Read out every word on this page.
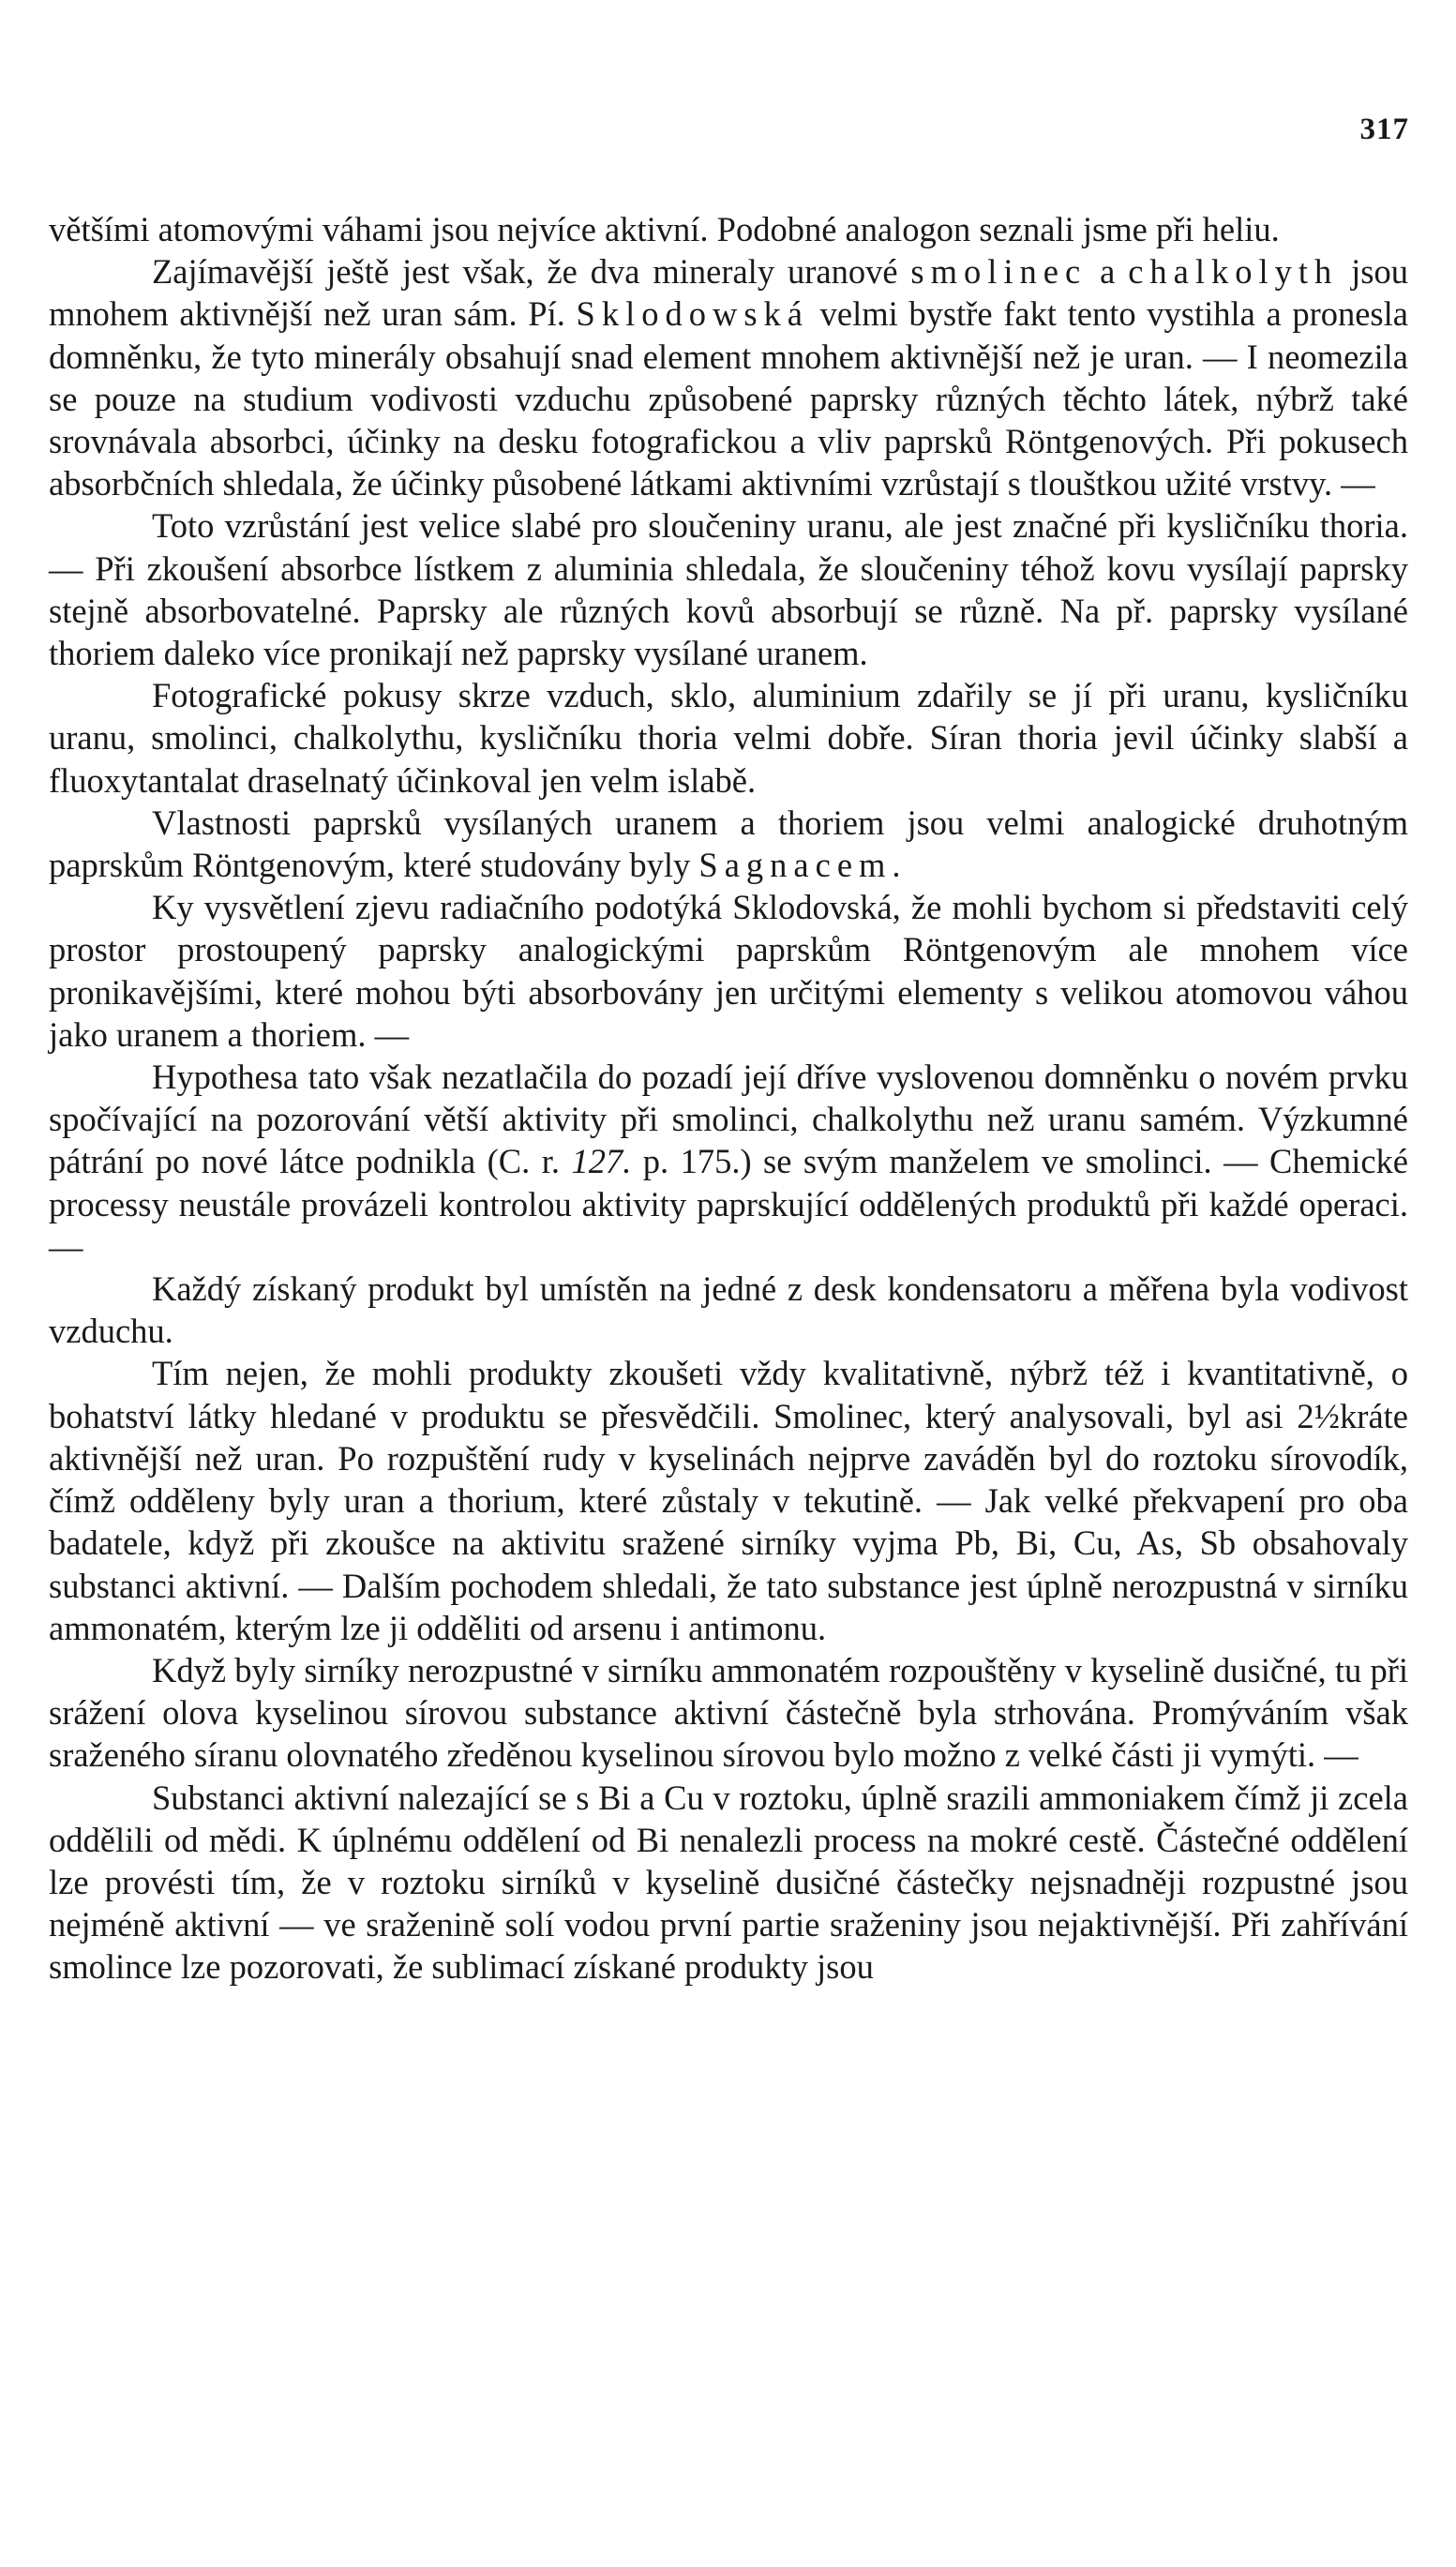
317

většími atomovými váhami jsou nejvíce aktivní. Podobné analogon seznali jsme při heliu.

Zajímavější ještě jest však, že dva mineraly uranové smolinec a chalkolyth jsou mnohem aktivnější než uran sám. Pí. Sklodowská velmi bystře fakt tento vystihla a pronesla domněnku, že tyto minerály obsahují snad element mnohem aktivnější než je uran. — I neomezila se pouze na studium vodivosti vzduchu způsobené paprsky různých těchto látek, nýbrž také srovnávala absorbci, účinky na desku fotografickou a vliv paprsků Röntgenových. Při pokusech absorbčních shledala, že účinky působené látkami aktivními vzrůstají s tlouštkou užité vrstvy. —

Toto vzrůstání jest velice slabé pro sloučeniny uranu, ale jest značné při kysličníku thoria. — Při zkoušení absorbce lístkem z aluminia shledala, že sloučeniny téhož kovu vysílají paprsky stejně absorbovatelné. Paprsky ale různých kovů absorbují se různě. Na př. paprsky vysílané thoriem daleko více pronikají než paprsky vysílané uranem.

Fotografické pokusy skrze vzduch, sklo, aluminium zdařily se jí při uranu, kysličníku uranu, smolinci, chalkolythu, kysličníku thoria velmi dobře. Síran thoria jevil účinky slabší a fluoxytantalat draselnatý účinkoval jen velm islabě.

Vlastnosti paprsků vysílaných uranem a thoriem jsou velmi analogické druhotným paprskům Röntgenovým, které studovány byly Sagnacem.

Ky vysvětlení zjevu radiačního podotýká Sklodovská, že mohli bychom si představiti celý prostor prostoupený paprsky analogickými paprskům Röntgenovým ale mnohem více pronikavějšími, které mohou býti absorbovány jen určitými elementy s velikou atomovou váhou jako uranem a thoriem. —

Hypothesa tato však nezatlačila do pozadí její dříve vyslovenou domněnku o novém prvku spočívající na pozorování větší aktivity při smolinci, chalkolythu než uranu samém. Výzkumné pátrání po nové látce podnikla (C. r. 127. p. 175.) se svým manželem ve smolinci. — Chemické processy neustále provázeli kontrolou aktivity paprskující oddělených produktů při každé operaci. —

Každý získaný produkt byl umístěn na jedné z desk kondensatoru a měřena byla vodivost vzduchu.

Tím nejen, že mohli produkty zkoušeti vždy kvalitativně, nýbrž též i kvantitativně, o bohatství látky hledané v produktu se přesvědčili. Smolinec, který analysovali, byl asi 2½kráte aktivnější než uran. Po rozpuštění rudy v kyselinách nejprve zaváděn byl do roztoku sírovodík, čímž odděleny byly uran a thorium, které zůstaly v tekutině. — Jak velké překvapení pro oba badatele, když při zkoušce na aktivitu sražené sirníky vyjma Pb, Bi, Cu, As, Sb obsahovaly substanci aktivní. — Dalším pochodem shledali, že tato substance jest úplně nerozpustná v sirníku ammonatém, kterým lze ji odděliti od arsenu i antimonu.

Když byly sirníky nerozpustné v sirníku ammonatém rozpouštěny v kyselině dusičné, tu při srážení olova kyselinou sírovou substance aktivní částečně byla strhována. Promýváním však sraženého síranu olovnatého zředěnou kyselinou sírovou bylo možno z velké části ji vymýti. —

Substanci aktivní nalezající se s Bi a Cu v roztoku, úplně srazili ammoniakem čímž ji zcela oddělili od mědi. K úplnému oddělení od Bi nenalezli process na mokré cestě. Částečné oddělení lze provésti tím, že v roztoku sirníků v kyselině dusičné částečky nejsnadněji rozpustné jsou nejméně aktivní — ve sraženině solí vodou první partie sraženiny jsou nejaktivnější. Při zahřívání smolince lze pozorovati, že sublimací získané produkty jsou
